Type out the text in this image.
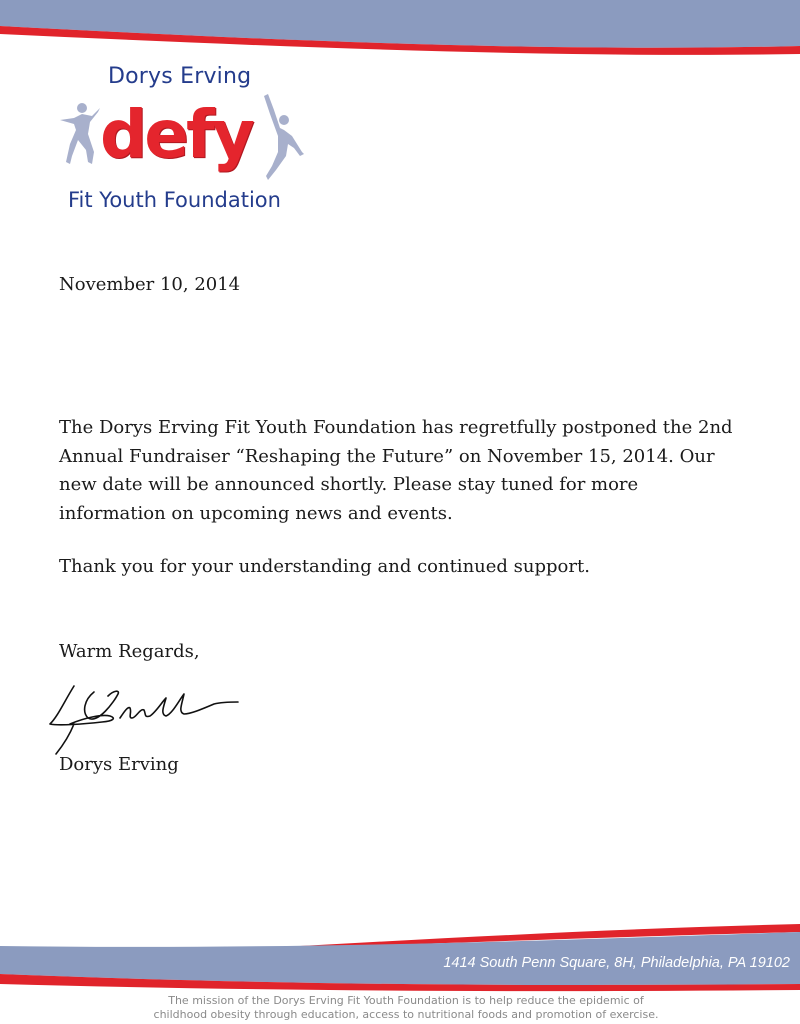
Dorys Erving
defy
Fit Youth Foundation
November 10, 2014
The Dorys Erving Fit Youth Foundation has regretfully postponed the 2nd Annual Fundraiser “Reshaping the Future” on November 15, 2014. Our new date will be announced shortly. Please stay tuned for more information on upcoming news and events.
Thank you for your understanding and continued support.
Warm Regards,
Dorys Erving
1414 South Penn Square, 8H, Philadelphia, PA 19102
The mission of the Dorys Erving Fit Youth Foundation is to help reduce the epidemic of
childhood obesity through education, access to nutritional foods and promotion of exercise.
